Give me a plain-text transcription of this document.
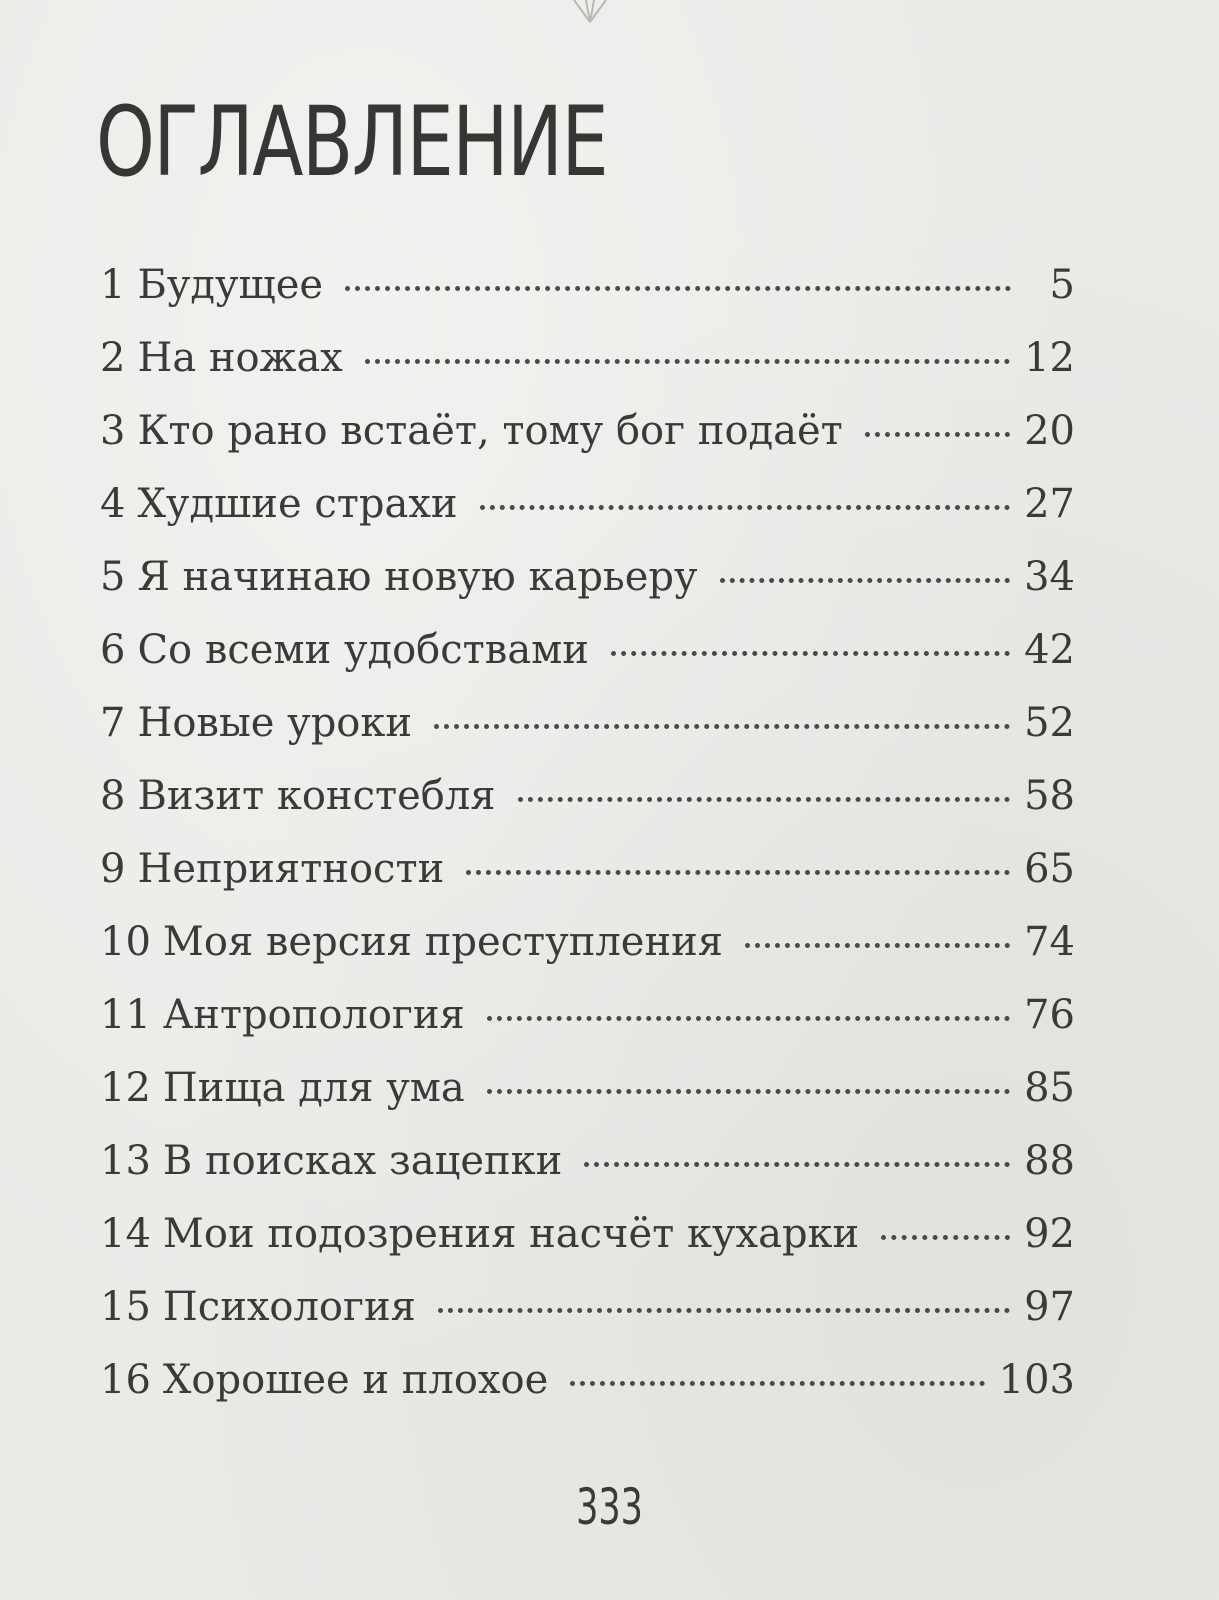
ОГЛАВЛЕНИЕ
1 Будущее	5
2 На ножах	12
3 Кто рано встаёт, тому бог подаёт	20
4 Худшие страхи	27
5 Я начинаю новую карьеру	34
6 Со всеми удобствами	42
7 Новые уроки	52
8 Визит констебля	58
9 Неприятности	65
10 Моя версия преступления	74
11 Антропология	76
12 Пища для ума	85
13 В поисках зацепки	88
14 Мои подозрения насчёт кухарки	92
15 Психология	97
16 Хорошее и плохое	103
333
